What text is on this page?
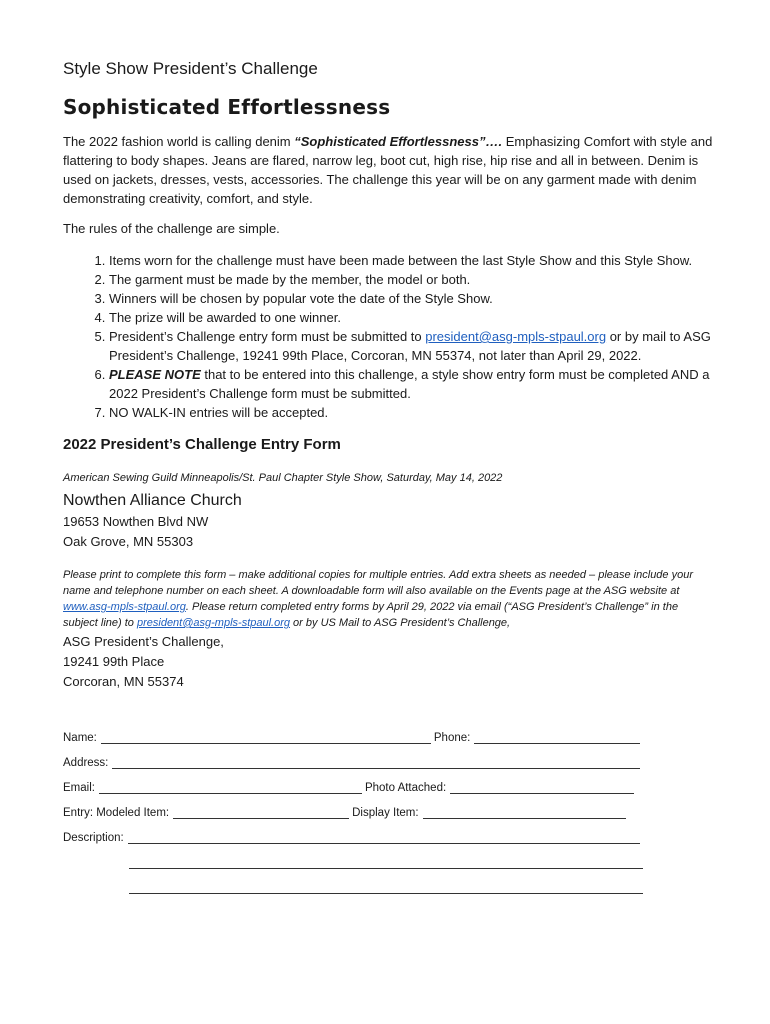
Style Show President’s Challenge

Sophisticated Effortlessness

The 2022 fashion world is calling denim “Sophisticated Effortlessness”…. Emphasizing Comfort with style and flattering to body shapes. Jeans are flared, narrow leg, boot cut, high rise, hip rise and all in between. Denim is used on jackets, dresses, vests, accessories. The challenge this year will be on any garment made with denim demonstrating creativity, comfort, and style.

The rules of the challenge are simple.

1. Items worn for the challenge must have been made between the last Style Show and this Style Show.
2. The garment must be made by the member, the model or both.
3. Winners will be chosen by popular vote the date of the Style Show.
4. The prize will be awarded to one winner.
5. President’s Challenge entry form must be submitted to president@asg-mpls-stpaul.org or by mail to ASG President’s Challenge, 19241 99th Place, Corcoran, MN 55374, not later than April 29, 2022.
6. PLEASE NOTE that to be entered into this challenge, a style show entry form must be completed AND a 2022 President’s Challenge form must be submitted.
7. NO WALK-IN entries will be accepted.

2022 President’s Challenge Entry Form

American Sewing Guild Minneapolis/St. Paul Chapter Style Show, Saturday, May 14, 2022

Nowthen Alliance Church

19653 Nowthen Blvd NW

Oak Grove, MN 55303

Please print to complete this form – make additional copies for multiple entries. Add extra sheets as needed – please include your name and telephone number on each sheet. A downloadable form will also available on the Events page at the ASG website at www.asg-mpls-stpaul.org. Please return completed entry forms by April 29, 2022 via email (“ASG President’s Challenge” in the subject line) to president@asg-mpls-stpaul.org or by US Mail to ASG President’s Challenge,

ASG President’s Challenge,

19241 99th Place

Corcoran, MN 55374

Name:	Phone:
Address:
Email:	Photo Attached:
Entry: Modeled Item:	Display Item:
Description:
